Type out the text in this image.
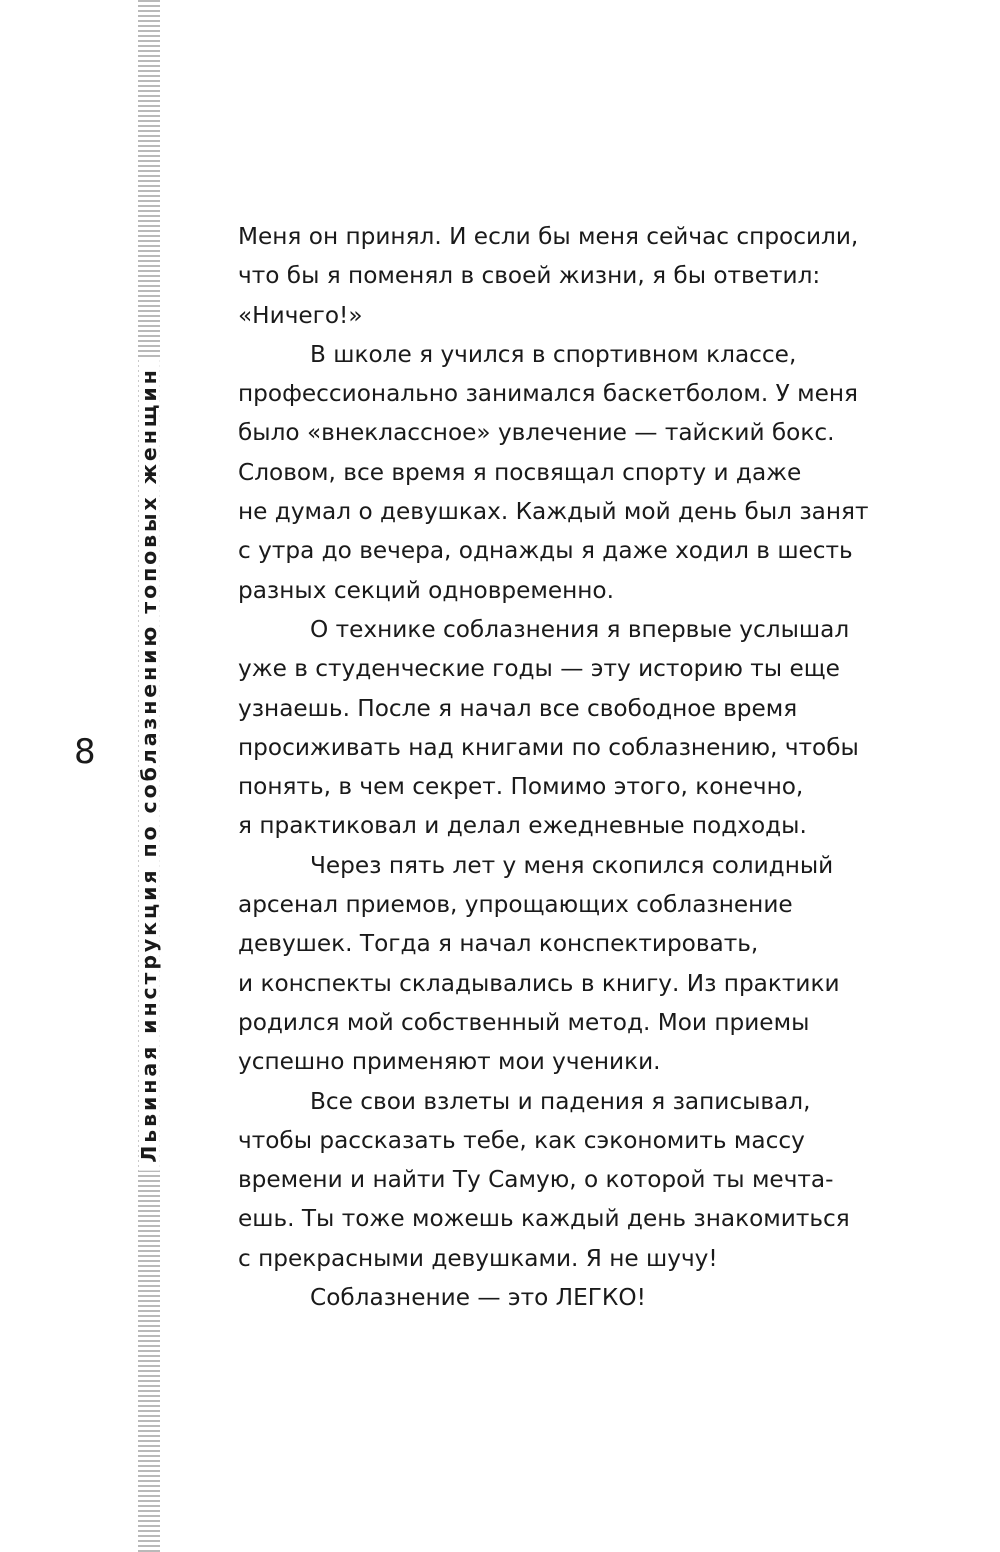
Львиная инструкция по соблазнению топовых женщин
8

Меня он принял. И если бы меня сейчас спросили,
что бы я поменял в своей жизни, я бы ответил:
«Ничего!»

В школе я учился в спортивном классе,
профессионально занимался баскетболом. У меня
было «внеклассное» увлечение — тайский бокс.
Словом, все время я посвящал спорту и даже
не думал о девушках. Каждый мой день был занят
с утра до вечера, однажды я даже ходил в шесть
разных секций одновременно.

О технике соблазнения я впервые услышал
уже в студенческие годы — эту историю ты еще
узнаешь. После я начал все свободное время
просиживать над книгами по соблазнению, чтобы
понять, в чем секрет. Помимо этого, конечно,
я практиковал и делал ежедневные подходы.

Через пять лет у меня скопился солидный
арсенал приемов, упрощающих соблазнение
девушек. Тогда я начал конспектировать,
и конспекты складывались в книгу. Из практики
родился мой собственный метод. Мои приемы
успешно применяют мои ученики.

Все свои взлеты и падения я записывал,
чтобы рассказать тебе, как сэкономить массу
времени и найти Ту Самую, о которой ты мечта-
ешь. Ты тоже можешь каждый день знакомиться
с прекрасными девушками. Я не шучу!

Соблазнение — это ЛЕГКО!
